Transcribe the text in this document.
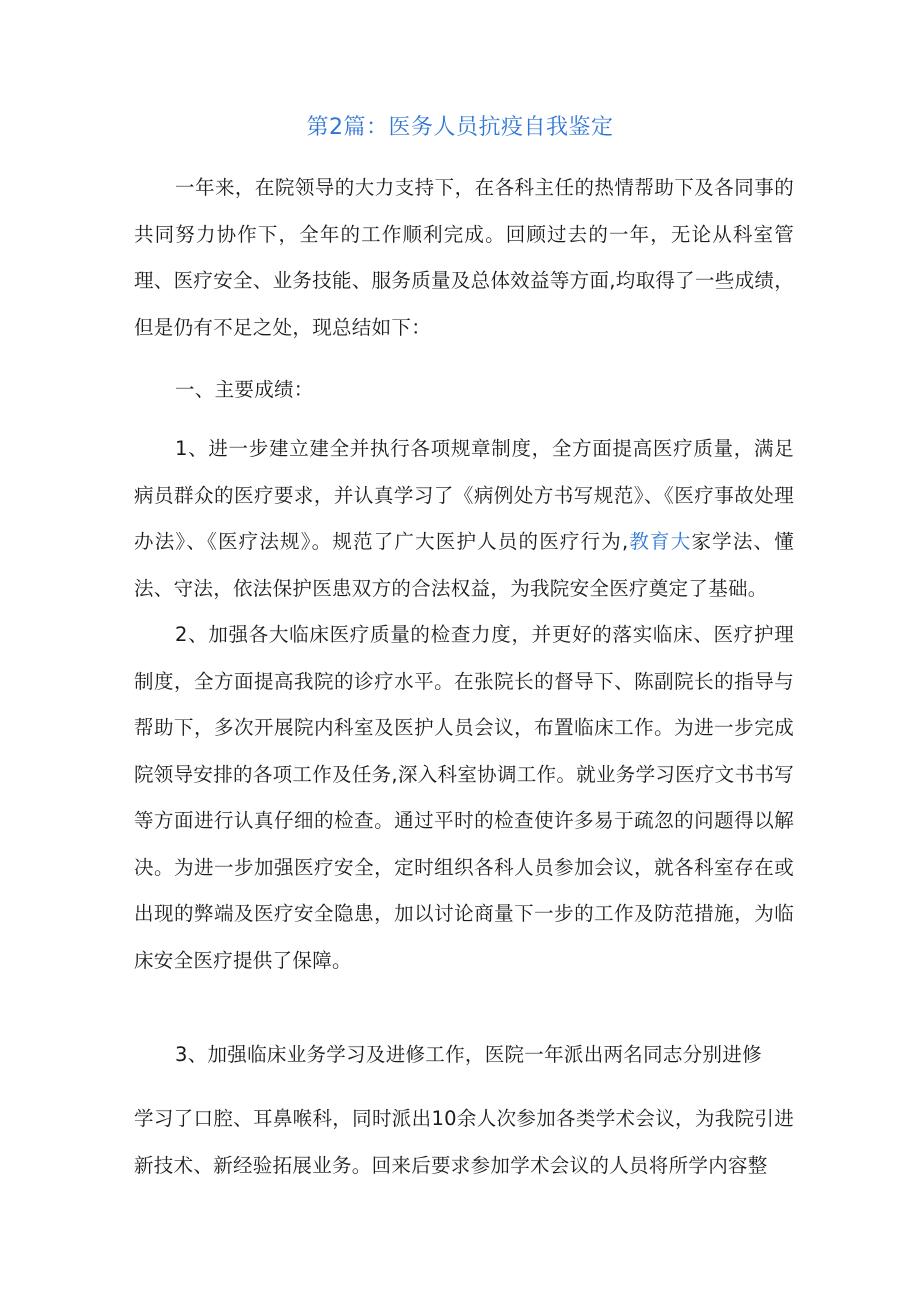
第2篇：医务人员抗疫自我鉴定

一年来，在院领导的大力支持下，在各科主任的热情帮助下及各同事的共同努力协作下，全年的工作顺利完成。回顾过去的一年，无论从科室管理、医疗安全、业务技能、服务质量及总体效益等方面,均取得了一些成绩，但是仍有不足之处，现总结如下：

一、主要成绩：

1、进一步建立建全并执行各项规章制度，全方面提高医疗质量，满足病员群众的医疗要求，并认真学习了《病例处方书写规范》、《医疗事故处理办法》、《医疗法规》。规范了广大医护人员的医疗行为,教育大家学法、懂法、守法，依法保护医患双方的合法权益，为我院安全医疗奠定了基础。

2、加强各大临床医疗质量的检查力度，并更好的落实临床、医疗护理制度，全方面提高我院的诊疗水平。在张院长的督导下、陈副院长的指导与帮助下，多次开展院内科室及医护人员会议，布置临床工作。为进一步完成院领导安排的各项工作及任务,深入科室协调工作。就业务学习医疗文书书写等方面进行认真仔细的检查。通过平时的检查使许多易于疏忽的问题得以解决。为进一步加强医疗安全，定时组织各科人员参加会议，就各科室存在或出现的弊端及医疗安全隐患，加以讨论商量下一步的工作及防范措施，为临床安全医疗提供了保障。

3、加强临床业务学习及进修工作，医院一年派出两名同志分别进修

学习了口腔、耳鼻喉科，同时派出10余人次参加各类学术会议，为我院引进新技术、新经验拓展业务。回来后要求参加学术会议的人员将所学内容整
